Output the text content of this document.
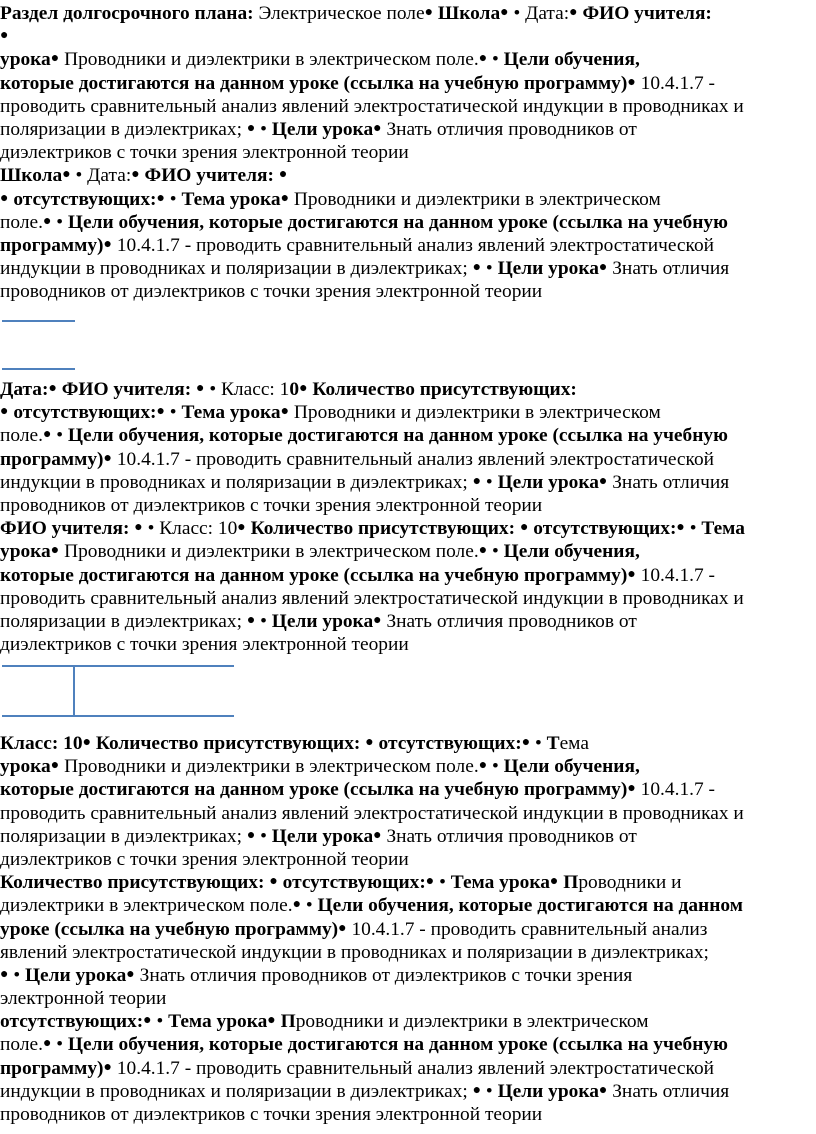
Раздел долгосрочного плана: Электрическое поле● Школа● • Дата:● ФИО учителя:
●
урока● Проводники и диэлектрики в электрическом поле.● • Цели обучения,
которые достигаются на данном уроке (ссылка на учебную программу)● 10.4.1.7 -
проводить сравнительный анализ явлений электростатической индукции в проводниках и
поляризации в диэлектриках; ● • Цели урока● Знать отличия проводников от
диэлектриков с точки зрения электронной теории
Школа● • Дата:● ФИО учителя: ●
● отсутствующих:● • Тема урока● Проводники и диэлектрики в электрическом
поле.● • Цели обучения, которые достигаются на данном уроке (ссылка на учебную
программу)● 10.4.1.7 - проводить сравнительный анализ явлений электростатической
индукции в проводниках и поляризации в диэлектриках; ● • Цели урока● Знать отличия
проводников от диэлектриков с точки зрения электронной теории
Дата:● ФИО учителя: ● • Класс: 10● Количество присутствующих:
● отсутствующих:● • Тема урока● Проводники и диэлектрики в электрическом
поле.● • Цели обучения, которые достигаются на данном уроке (ссылка на учебную
программу)● 10.4.1.7 - проводить сравнительный анализ явлений электростатической
индукции в проводниках и поляризации в диэлектриках; ● • Цели урока● Знать отличия
проводников от диэлектриков с точки зрения электронной теории
ФИО учителя: ● • Класс: 10● Количество присутствующих: ● отсутствующих:● • Тема
урока● Проводники и диэлектрики в электрическом поле.● • Цели обучения,
которые достигаются на данном уроке (ссылка на учебную программу)● 10.4.1.7 -
проводить сравнительный анализ явлений электростатической индукции в проводниках и
поляризации в диэлектриках; ● • Цели урока● Знать отличия проводников от
диэлектриков с точки зрения электронной теории
Класс: 10● Количество присутствующих: ● отсутствующих:● • Тема
урока● Проводники и диэлектрики в электрическом поле.● • Цели обучения,
которые достигаются на данном уроке (ссылка на учебную программу)● 10.4.1.7 -
проводить сравнительный анализ явлений электростатической индукции в проводниках и
поляризации в диэлектриках; ● • Цели урока● Знать отличия проводников от
диэлектриков с точки зрения электронной теории
Количество присутствующих: ● отсутствующих:● • Тема урока● Проводники и
диэлектрики в электрическом поле.● • Цели обучения, которые достигаются на данном
уроке (ссылка на учебную программу)● 10.4.1.7 - проводить сравнительный анализ
явлений электростатической индукции в проводниках и поляризации в диэлектриках;
● • Цели урока● Знать отличия проводников от диэлектриков с точки зрения
электронной теории
отсутствующих:● • Тема урока● Проводники и диэлектрики в электрическом
поле.● • Цели обучения, которые достигаются на данном уроке (ссылка на учебную
программу)● 10.4.1.7 - проводить сравнительный анализ явлений электростатической
индукции в проводниках и поляризации в диэлектриках; ● • Цели урока● Знать отличия
проводников от диэлектриков с точки зрения электронной теории
